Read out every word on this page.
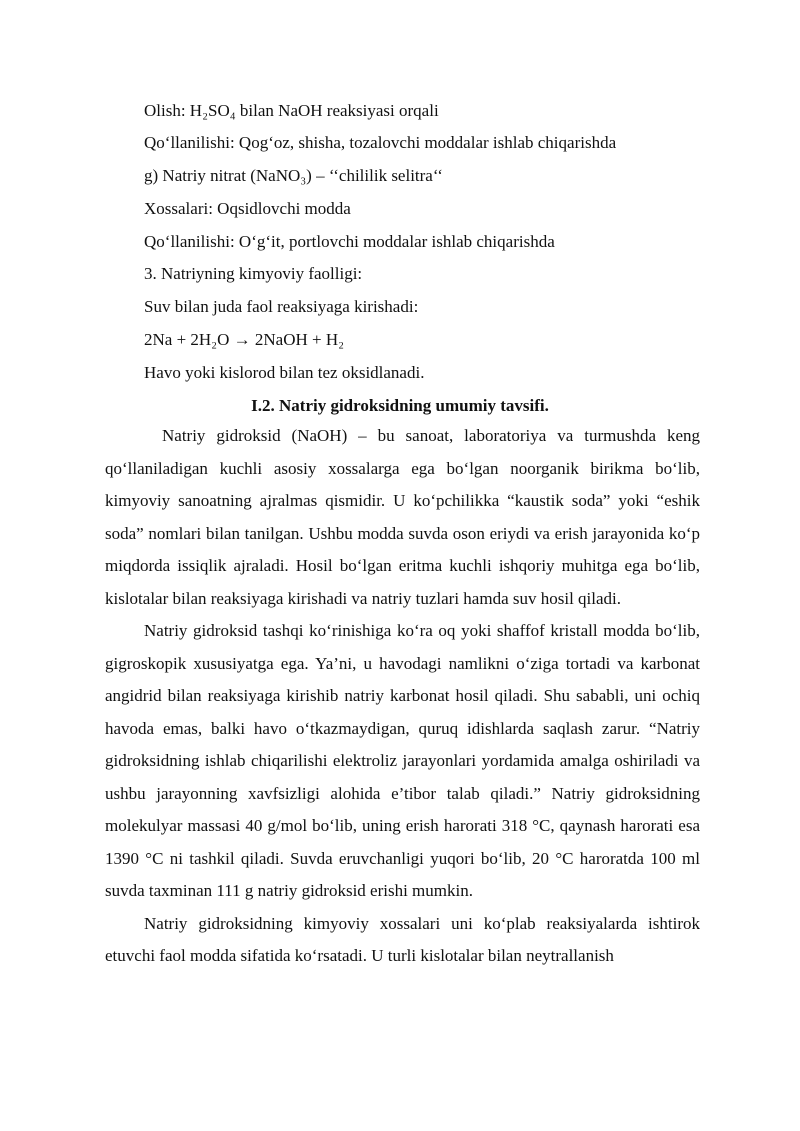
Olish: H₂SO₄ bilan NaOH reaksiyasi orqali
Qo‘llanilishi: Qog‘oz, shisha, tozalovchi moddalar ishlab chiqarishda
g) Natriy nitrat (NaNO₃) – ‘‘chililik selitra‘‘
Xossalari: Oqsidlovchi modda
Qo‘llanilishi: O‘g‘it, portlovchi moddalar ishlab chiqarishda
3. Natriyning kimyoviy faolligi:
Suv bilan juda faol reaksiyaga kirishadi:
2Na + 2H₂O → 2NaOH + H₂
Havo yoki kislorod bilan tez oksidlanadi.
I.2. Natriy gidroksidning umumiy tavsifi.

Natriy gidroksid (NaOH) – bu sanoat, laboratoriya va turmushda keng qo‘llaniladigan kuchli asosiy xossalarga ega bo‘lgan noorganik birikma bo‘lib, kimyoviy sanoatning ajralmas qismidir. U ko‘pchilikka “kaustik soda” yoki “eshik soda” nomlari bilan tanilgan. Ushbu modda suvda oson eriydi va erish jarayonida ko‘p miqdorda issiqlik ajraladi. Hosil bo‘lgan eritma kuchli ishqoriy muhitga ega bo‘lib, kislotalar bilan reaksiyaga kirishadi va natriy tuzlari hamda suv hosil qiladi.

Natriy gidroksid tashqi ko‘rinishiga ko‘ra oq yoki shaffof kristall modda bo‘lib, gigroskopik xususiyatga ega. Ya’ni, u havodagi namlikni o‘ziga tortadi va karbonat angidrid bilan reaksiyaga kirishib natriy karbonat hosil qiladi. Shu sababli, uni ochiq havoda emas, balki havo o‘tkazmaydigan, quruq idishlarda saqlash zarur. “Natriy gidroksidning ishlab chiqarilishi elektroliz jarayonlari yordamida amalga oshiriladi va ushbu jarayonning xavfsizligi alohida e’tibor talab qiladi.” Natriy gidroksidning molekulyar massasi 40 g/mol bo‘lib, uning erish harorati 318 °C, qaynash harorati esa 1390 °C ni tashkil qiladi. Suvda eruvchanligi yuqori bo‘lib, 20 °C haroratda 100 ml suvda taxminan 111 g natriy gidroksid erishi mumkin.

Natriy gidroksidning kimyoviy xossalari uni ko‘plab reaksiyalarda ishtirok etuvchi faol modda sifatida ko‘rsatadi. U turli kislotalar bilan neytrallanish
